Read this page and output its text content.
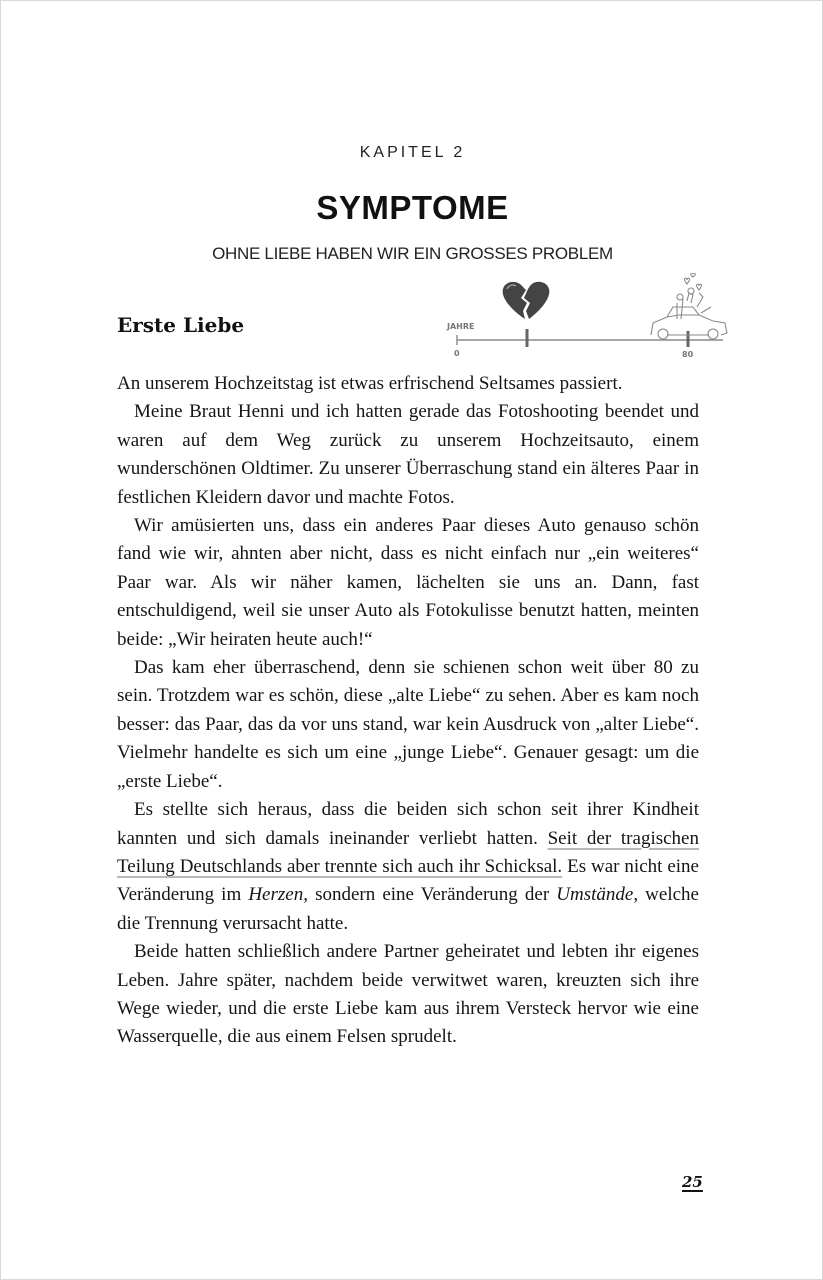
KAPITEL 2
SYMPTOME
OHNE LIEBE HABEN WIR EIN GROSSES PROBLEM
Erste Liebe	JAHRE
0	80

An unserem Hochzeitstag ist etwas erfrischend Seltsames passiert.

Meine Braut Henni und ich hatten gerade das Fotoshooting beendet und waren auf dem Weg zurück zu unserem Hochzeitsauto, einem wunderschönen Oldtimer. Zu unserer Überraschung stand ein älteres Paar in festlichen Kleidern davor und machte Fotos.

Wir amüsierten uns, dass ein anderes Paar dieses Auto genauso schön fand wie wir, ahnten aber nicht, dass es nicht einfach nur „ein weiteres“ Paar war. Als wir näher kamen, lächelten sie uns an. Dann, fast entschuldigend, weil sie unser Auto als Fotokulisse benutzt hatten, meinten beide: „Wir heiraten heute auch!“

Das kam eher überraschend, denn sie schienen schon weit über 80 zu sein. Trotzdem war es schön, diese „alte Liebe“ zu sehen. Aber es kam noch besser: das Paar, das da vor uns stand, war kein Ausdruck von „alter Liebe“. Vielmehr handelte es sich um eine „junge Liebe“. Genauer gesagt: um die „erste Liebe“.

Es stellte sich heraus, dass die beiden sich schon seit ihrer Kindheit kannten und sich damals ineinander verliebt hatten. Seit der tragischen Teilung Deutschlands aber trennte sich auch ihr Schicksal. Es war nicht eine Veränderung im Herzen, sondern eine Veränderung der Umstände, welche die Trennung verursacht hatte.

Beide hatten schließlich andere Partner geheiratet und lebten ihr eigenes Leben. Jahre später, nachdem beide verwitwet waren, kreuzten sich ihre Wege wieder, und die erste Liebe kam aus ihrem Versteck hervor wie eine Wasserquelle, die aus einem Felsen sprudelt.

25
